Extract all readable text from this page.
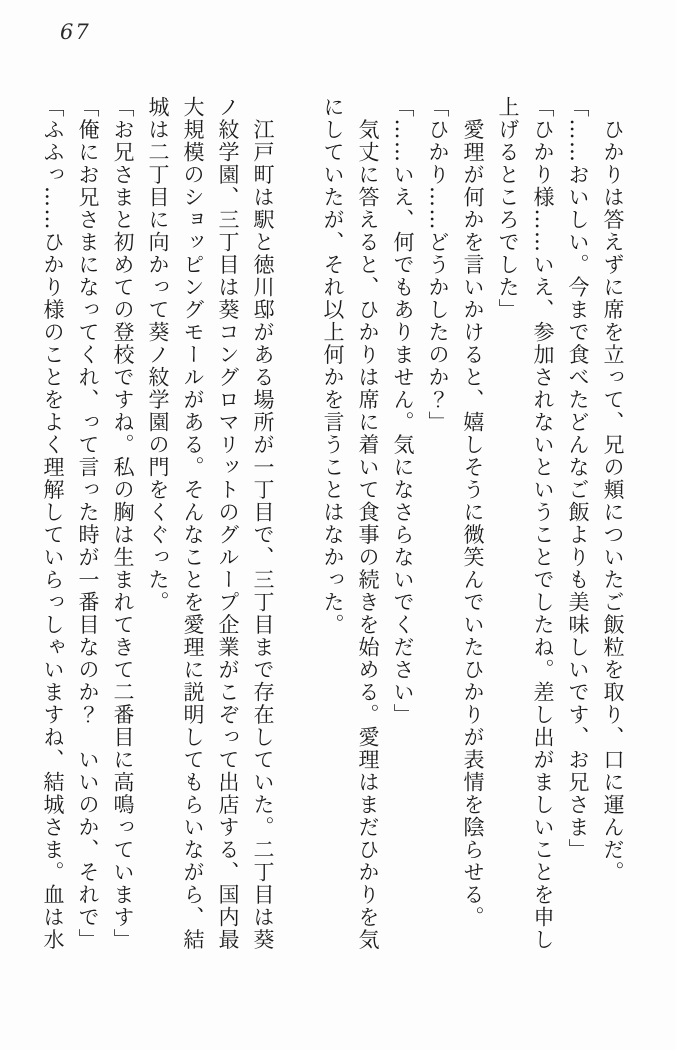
67

　ひかりは答えずに席を立って、兄の頬についたご飯粒を取り、口に運んだ。

「……おいしい。今まで食べたどんなご飯よりも美味しいです、お兄さま」

「ひかり様……いえ、参加されないということでしたね。差し出がましいことを申し

上げるところでした」

　愛理が何かを言いかけると、嬉しそうに微笑んでいたひかりが表情を陰らせる。

「ひかり……どうかしたのか？」

「……いえ、何でもありません。気になさらないでください」

　気丈に答えると、ひかりは席に着いて食事の続きを始める。愛理はまだひかりを気

にしていたが、それ以上何かを言うことはなかった。

　江戸町は駅と徳川邸がある場所が一丁目で、三丁目まで存在していた。二丁目は葵

ノ紋学園、三丁目は葵コングロマリットのグループ企業がこぞって出店する、国内最

大規模のショッピングモールがある。そんなことを愛理に説明してもらいながら、結

城は二丁目に向かって葵ノ紋学園の門をくぐった。

「お兄さまと初めての登校ですね。私の胸は生まれてきて二番目に高鳴っています」

「俺にお兄さまになってくれ、って言った時が一番目なのか？　いいのか、それで」

「ふふっ……ひかり様のことをよく理解していらっしゃいますね、結城さま。血は水
